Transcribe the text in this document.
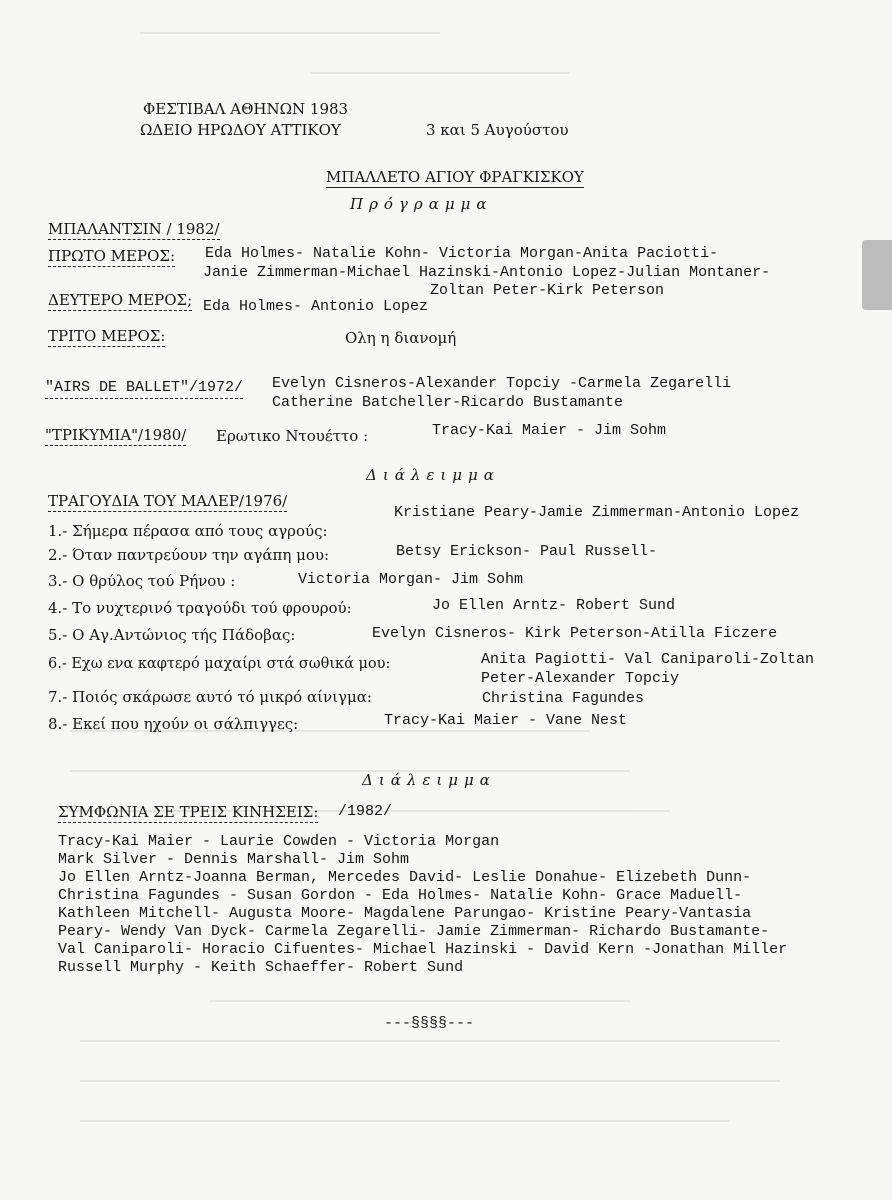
ΦΕΣΤΙΒΑΛ ΑΘΗΝΩΝ 1983
ΩΔΕΙΟ ΗΡΩΔΟΥ ΑΤΤΙΚΟΥ	3 και 5 Αυγούστου
ΜΠΑΛΛΕΤΟ ΑΓΙΟΥ ΦΡΑΓΚΙΣΚΟΥ
Πρόγραμμα
ΜΠΑΛΑΝΤΣΙΝ / 1982/
ΠΡΩΤΟ ΜΕΡΟΣ: Eda Holmes- Natalie Kohn- Victoria Morgan-Anita Paciotti-
Janie Zimmerman-Michael Hazinski-Antonio Lopez-Julian Montaner-
Zoltan Peter-Kirk Peterson
ΔΕΥΤΕΡΟ ΜΕΡΟΣ; Eda Holmes- Antonio Lopez
ΤΡΙΤΟ ΜΕΡΟΣ:	Ολη η διανομή
"AIRS DE BALLET"/1972/ Evelyn Cisneros-Alexander Topciy -Carmela Zegarelli
Catherine Batcheller-Ricardo Bustamante
"ΤΡΙΚΥΜΙΑ"/1980/ Ερωτικο Ντουέττο :	Tracy-Kai Maier - Jim Sohm
Διάλειμμα
ΤΡΑΓΟΥΔΙΑ ΤΟΥ ΜΑΛΕΡ/1976/
Kristiane Peary-Jamie Zimmerman-Antonio Lopez
1.- Σήμερα πέρασα από τους αγρούς:
2.- Όταν παντρεύουν την αγάπη μου:	Betsy Erickson- Paul Russell-
3.- Ο θρύλος τού Ρήνου :	Victoria Morgan- Jim Sohm
4.- Το νυχτερινό τραγούδι τού φρουρού:	Jo Ellen Arntz- Robert Sund
5.- Ο Αγ.Αντώνιος τής Πάδοβας:	Evelyn Cisneros- Kirk Peterson-Atilla Ficzere
6.- Εχω ενα καφτερό μαχαίρι στά σωθικά μου:	Anita Pagiotti- Val Caniparoli-Zoltan
Peter-Alexander Topciy
7.- Ποιός σκάρωσε αυτό τό μικρό αίνιγμα:	Christina Fagundes
8.- Εκεί που ηχούν οι σάλπιγγες:	Tracy-Kai Maier - Vane Nest
Διάλειμμα
ΣΥΜΦΩΝΙΑ ΣΕ ΤΡΕΙΣ ΚΙΝΗΣΕΙΣ: /1982/
Tracy-Kai Maier - Laurie Cowden - Victoria Morgan
Mark Silver - Dennis Marshall- Jim Sohm
Jo Ellen Arntz-Joanna Berman, Mercedes David- Leslie Donahue- Elizebeth Dunn-
Christina Fagundes - Susan Gordon - Eda Holmes- Natalie Kohn- Grace Maduell-
Kathleen Mitchell- Augusta Moore- Magdalene Parungao- Kristine Peary-Vantasia
Peary- Wendy Van Dyck- Carmela Zegarelli- Jamie Zimmerman- Richardo Bustamante-
Val Caniparoli- Horacio Cifuentes- Michael Hazinski - David Kern -Jonathan Miller
Russell Murphy - Keith Schaeffer- Robert Sund
---§§§§---
